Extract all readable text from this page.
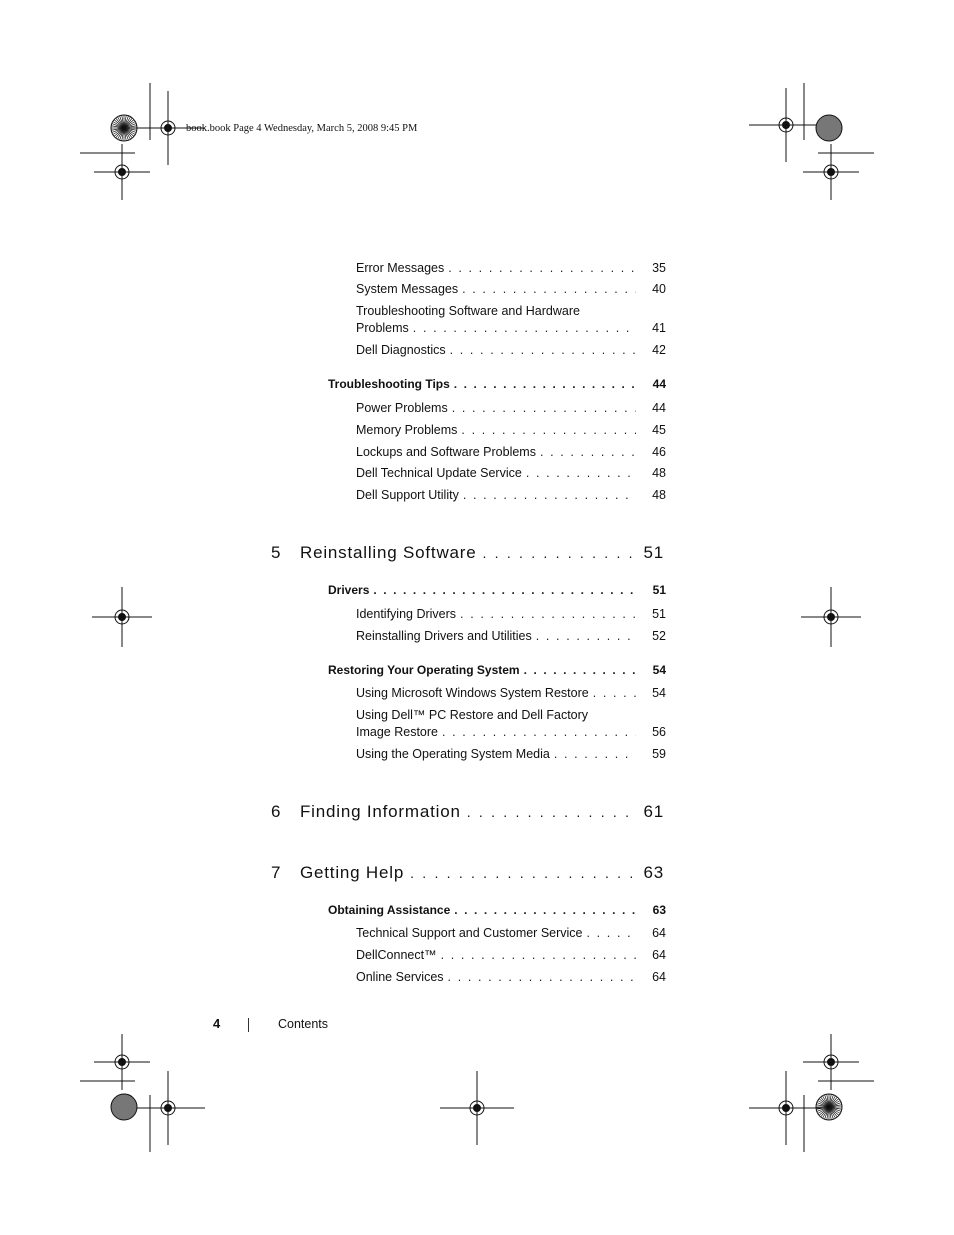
book.book Page 4 Wednesday, March 5, 2008 9:45 PM
Error Messages . . .	35
System Messages . . .	40
Troubleshooting Software and Hardware
Problems . . .	41
Dell Diagnostics . . .	42
Troubleshooting Tips . . .	44
Power Problems . . .	44
Memory Problems . . .	45
Lockups and Software Problems . . .	46
Dell Technical Update Service . . .	48
Dell Support Utility . . .	48
5	Reinstalling Software . . .	51
Drivers . . .	51
Identifying Drivers . . .	51
Reinstalling Drivers and Utilities . . .	52
Restoring Your Operating System . . .	54
Using Microsoft Windows System Restore . . .	54
Using Dell™ PC Restore and Dell Factory
Image Restore . . .	56
Using the Operating System Media . . .	59
6	Finding Information . . .	61
7	Getting Help . . .	63
Obtaining Assistance . . .	63
Technical Support and Customer Service . . .	64
DellConnect™ . . .	64
Online Services . . .	64
4	Contents
